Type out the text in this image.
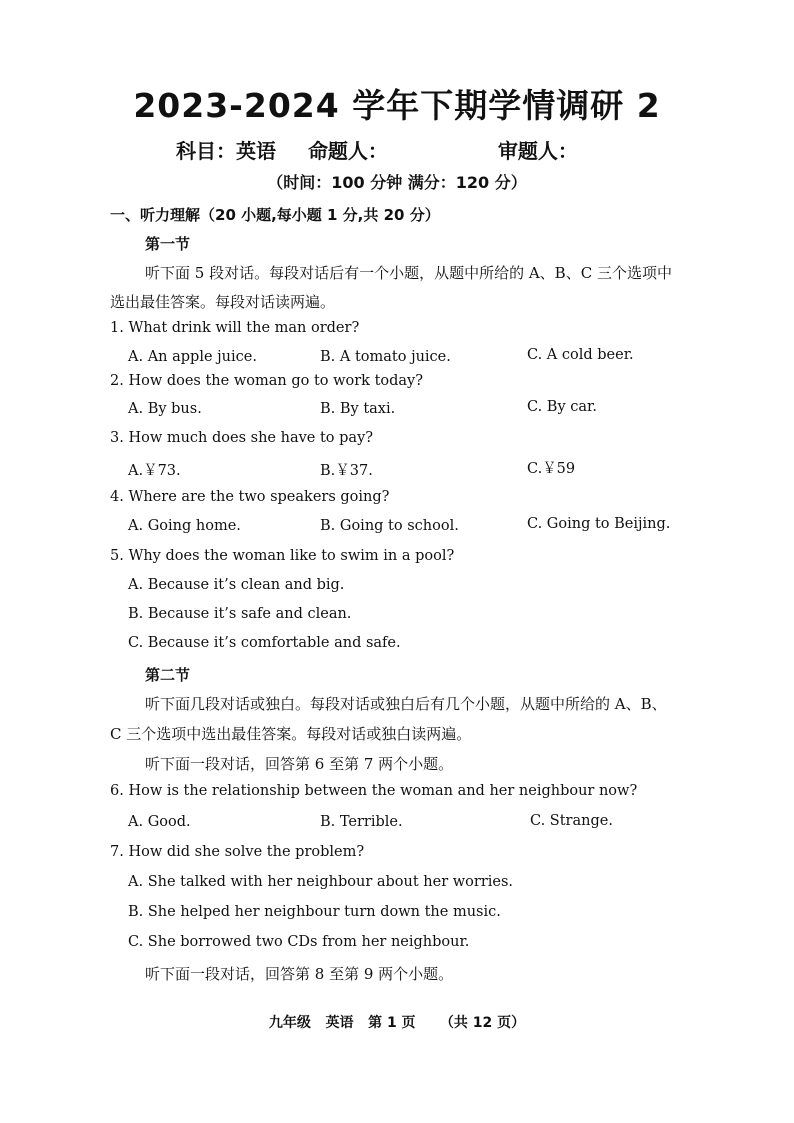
2023-2024 学年下期学情调研 2
科目：英语 命题人：	审题人：
（时间：100 分钟 满分：120 分）
一、听力理解（20 小题,每小题 1 分,共 20 分）
第一节
听下面 5 段对话。每段对话后有一个小题，从题中所给的 A、B、C 三个选项中
选出最佳答案。每段对话读两遍。
1. What drink will the man order?
A. An apple juice.	B. A tomato juice.	C. A cold beer.
2. How does the woman go to work today?
A. By bus.	B. By taxi.	C. By car.
3. How much does she have to pay?
A.￥73.	B.￥37.	C.￥59
4. Where are the two speakers going?
A. Going home.	B. Going to school.	C. Going to Beijing.
5. Why does the woman like to swim in a pool?
A. Because it’s clean and big.
B. Because it’s safe and clean.
C. Because it’s comfortable and safe.
第二节
听下面几段对话或独白。每段对话或独白后有几个小题，从题中所给的 A、B、
C 三个选项中选出最佳答案。每段对话或独白读两遍。
听下面一段对话，回答第 6 至第 7 两个小题。
6. How is the relationship between the woman and her neighbour now?
A. Good.	B. Terrible.	C. Strange.
7. How did she solve the problem?
A. She talked with her neighbour about her worries.
B. She helped her neighbour turn down the music.
C. She borrowed two CDs from her neighbour.
听下面一段对话，回答第 8 至第 9 两个小题。
九年级   英语   第 1 页     （共 12 页）
